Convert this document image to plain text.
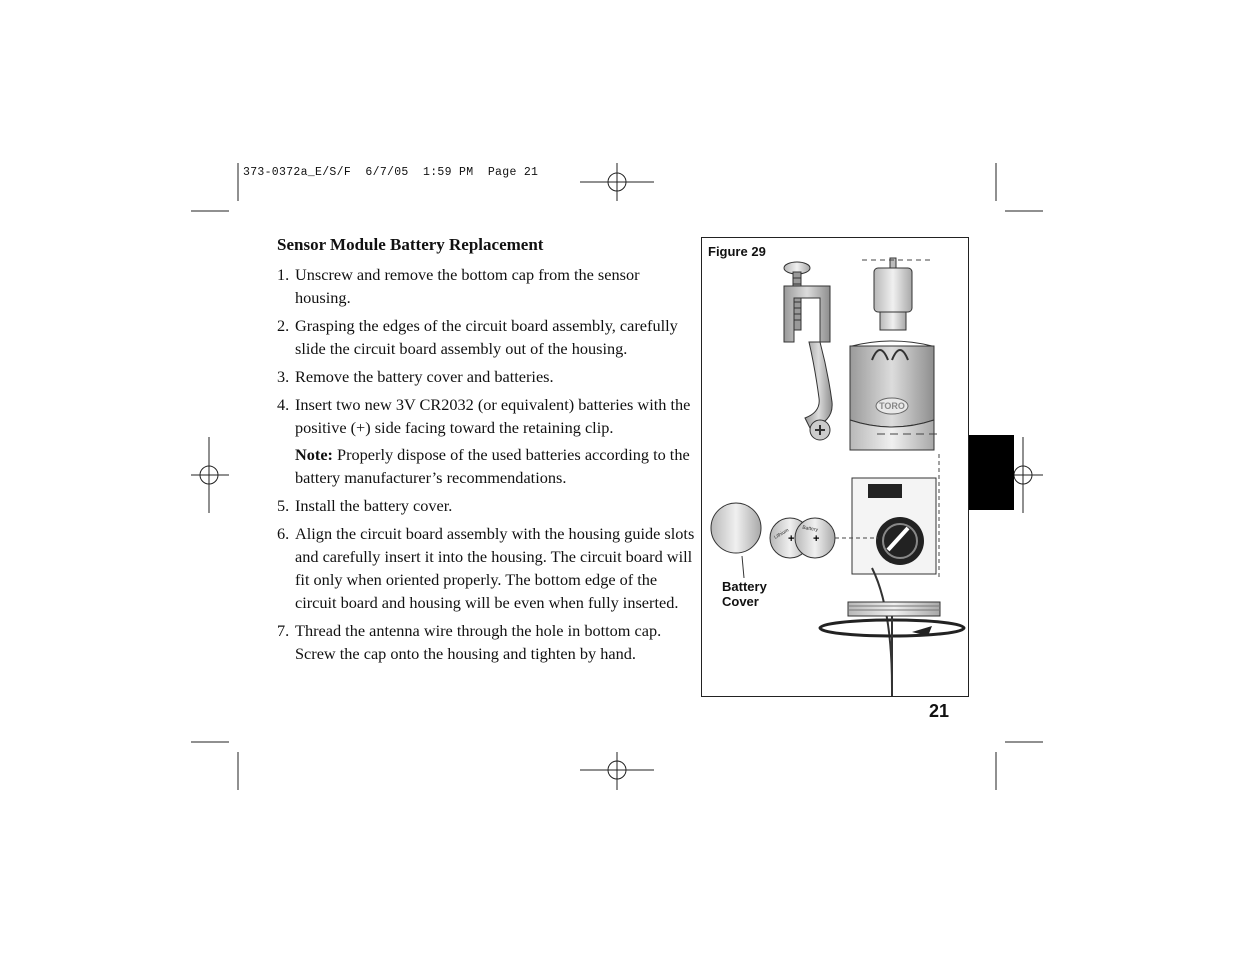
373-0372a_E/S/F  6/7/05  1:59 PM  Page 21
Sensor Module Battery Replacement
1. Unscrew and remove the bottom cap from the sensor housing.
2. Grasping the edges of the circuit board assembly, carefully slide the circuit board assembly out of the housing.
3. Remove the battery cover and batteries.
4. Insert two new 3V CR2032 (or equivalent) batteries with the positive (+) side facing toward the retaining clip.
Note: Properly dispose of the used batteries according to the battery manufacturer’s recommendations.
5. Install the battery cover.
6. Align the circuit board assembly with the housing guide slots and carefully insert it into the housing. The circuit board will fit only when oriented properly. The bottom edge of the circuit board and housing will be even when fully inserted.
7. Thread the antenna wire through the hole in bottom cap. Screw the cap onto the housing and tighten by hand.
TORO
+ +
Figure 29
Battery
Cover
Lithium Battery
21
